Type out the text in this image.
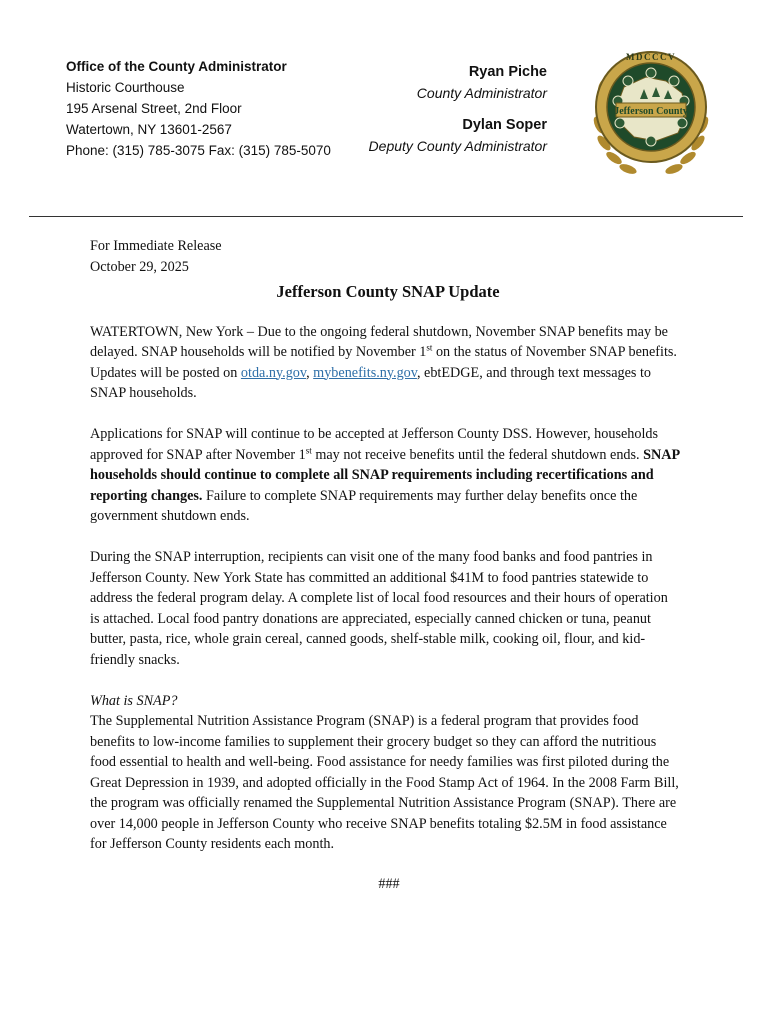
Office of the County Administrator
Historic Courthouse
195 Arsenal Street, 2nd Floor
Watertown, NY 13601-2567
Phone: (315) 785-3075 Fax: (315) 785-5070
Ryan Piche
County Administrator
Dylan Soper
Deputy County Administrator
MDCCCV
Jefferson County

For Immediate Release

October 29, 2025

Jefferson County SNAP Update

WATERTOWN, New York – Due to the ongoing federal shutdown, November SNAP benefits may be delayed. SNAP households will be notified by November 1st on the status of November SNAP benefits. Updates will be posted on otda.ny.gov, mybenefits.ny.gov, ebtEDGE, and through text messages to SNAP households.

Applications for SNAP will continue to be accepted at Jefferson County DSS. However, households approved for SNAP after November 1st may not receive benefits until the federal shutdown ends. SNAP households should continue to complete all SNAP requirements including recertifications and reporting changes. Failure to complete SNAP requirements may further delay benefits once the government shutdown ends.

During the SNAP interruption, recipients can visit one of the many food banks and food pantries in Jefferson County. New York State has committed an additional $41M to food pantries statewide to address the federal program delay. A complete list of local food resources and their hours of operation is attached. Local food pantry donations are appreciated, especially canned chicken or tuna, peanut butter, pasta, rice, whole grain cereal, canned goods, shelf-stable milk, cooking oil, flour, and kid-friendly snacks.

What is SNAP?

The Supplemental Nutrition Assistance Program (SNAP) is a federal program that provides food benefits to low-income families to supplement their grocery budget so they can afford the nutritious food essential to health and well-being. Food assistance for needy families was first piloted during the Great Depression in 1939, and adopted officially in the Food Stamp Act of 1964. In the 2008 Farm Bill, the program was officially renamed the Supplemental Nutrition Assistance Program (SNAP). There are over 14,000 people in Jefferson County who receive SNAP benefits totaling $2.5M in food assistance for Jefferson County residents each month.

###
